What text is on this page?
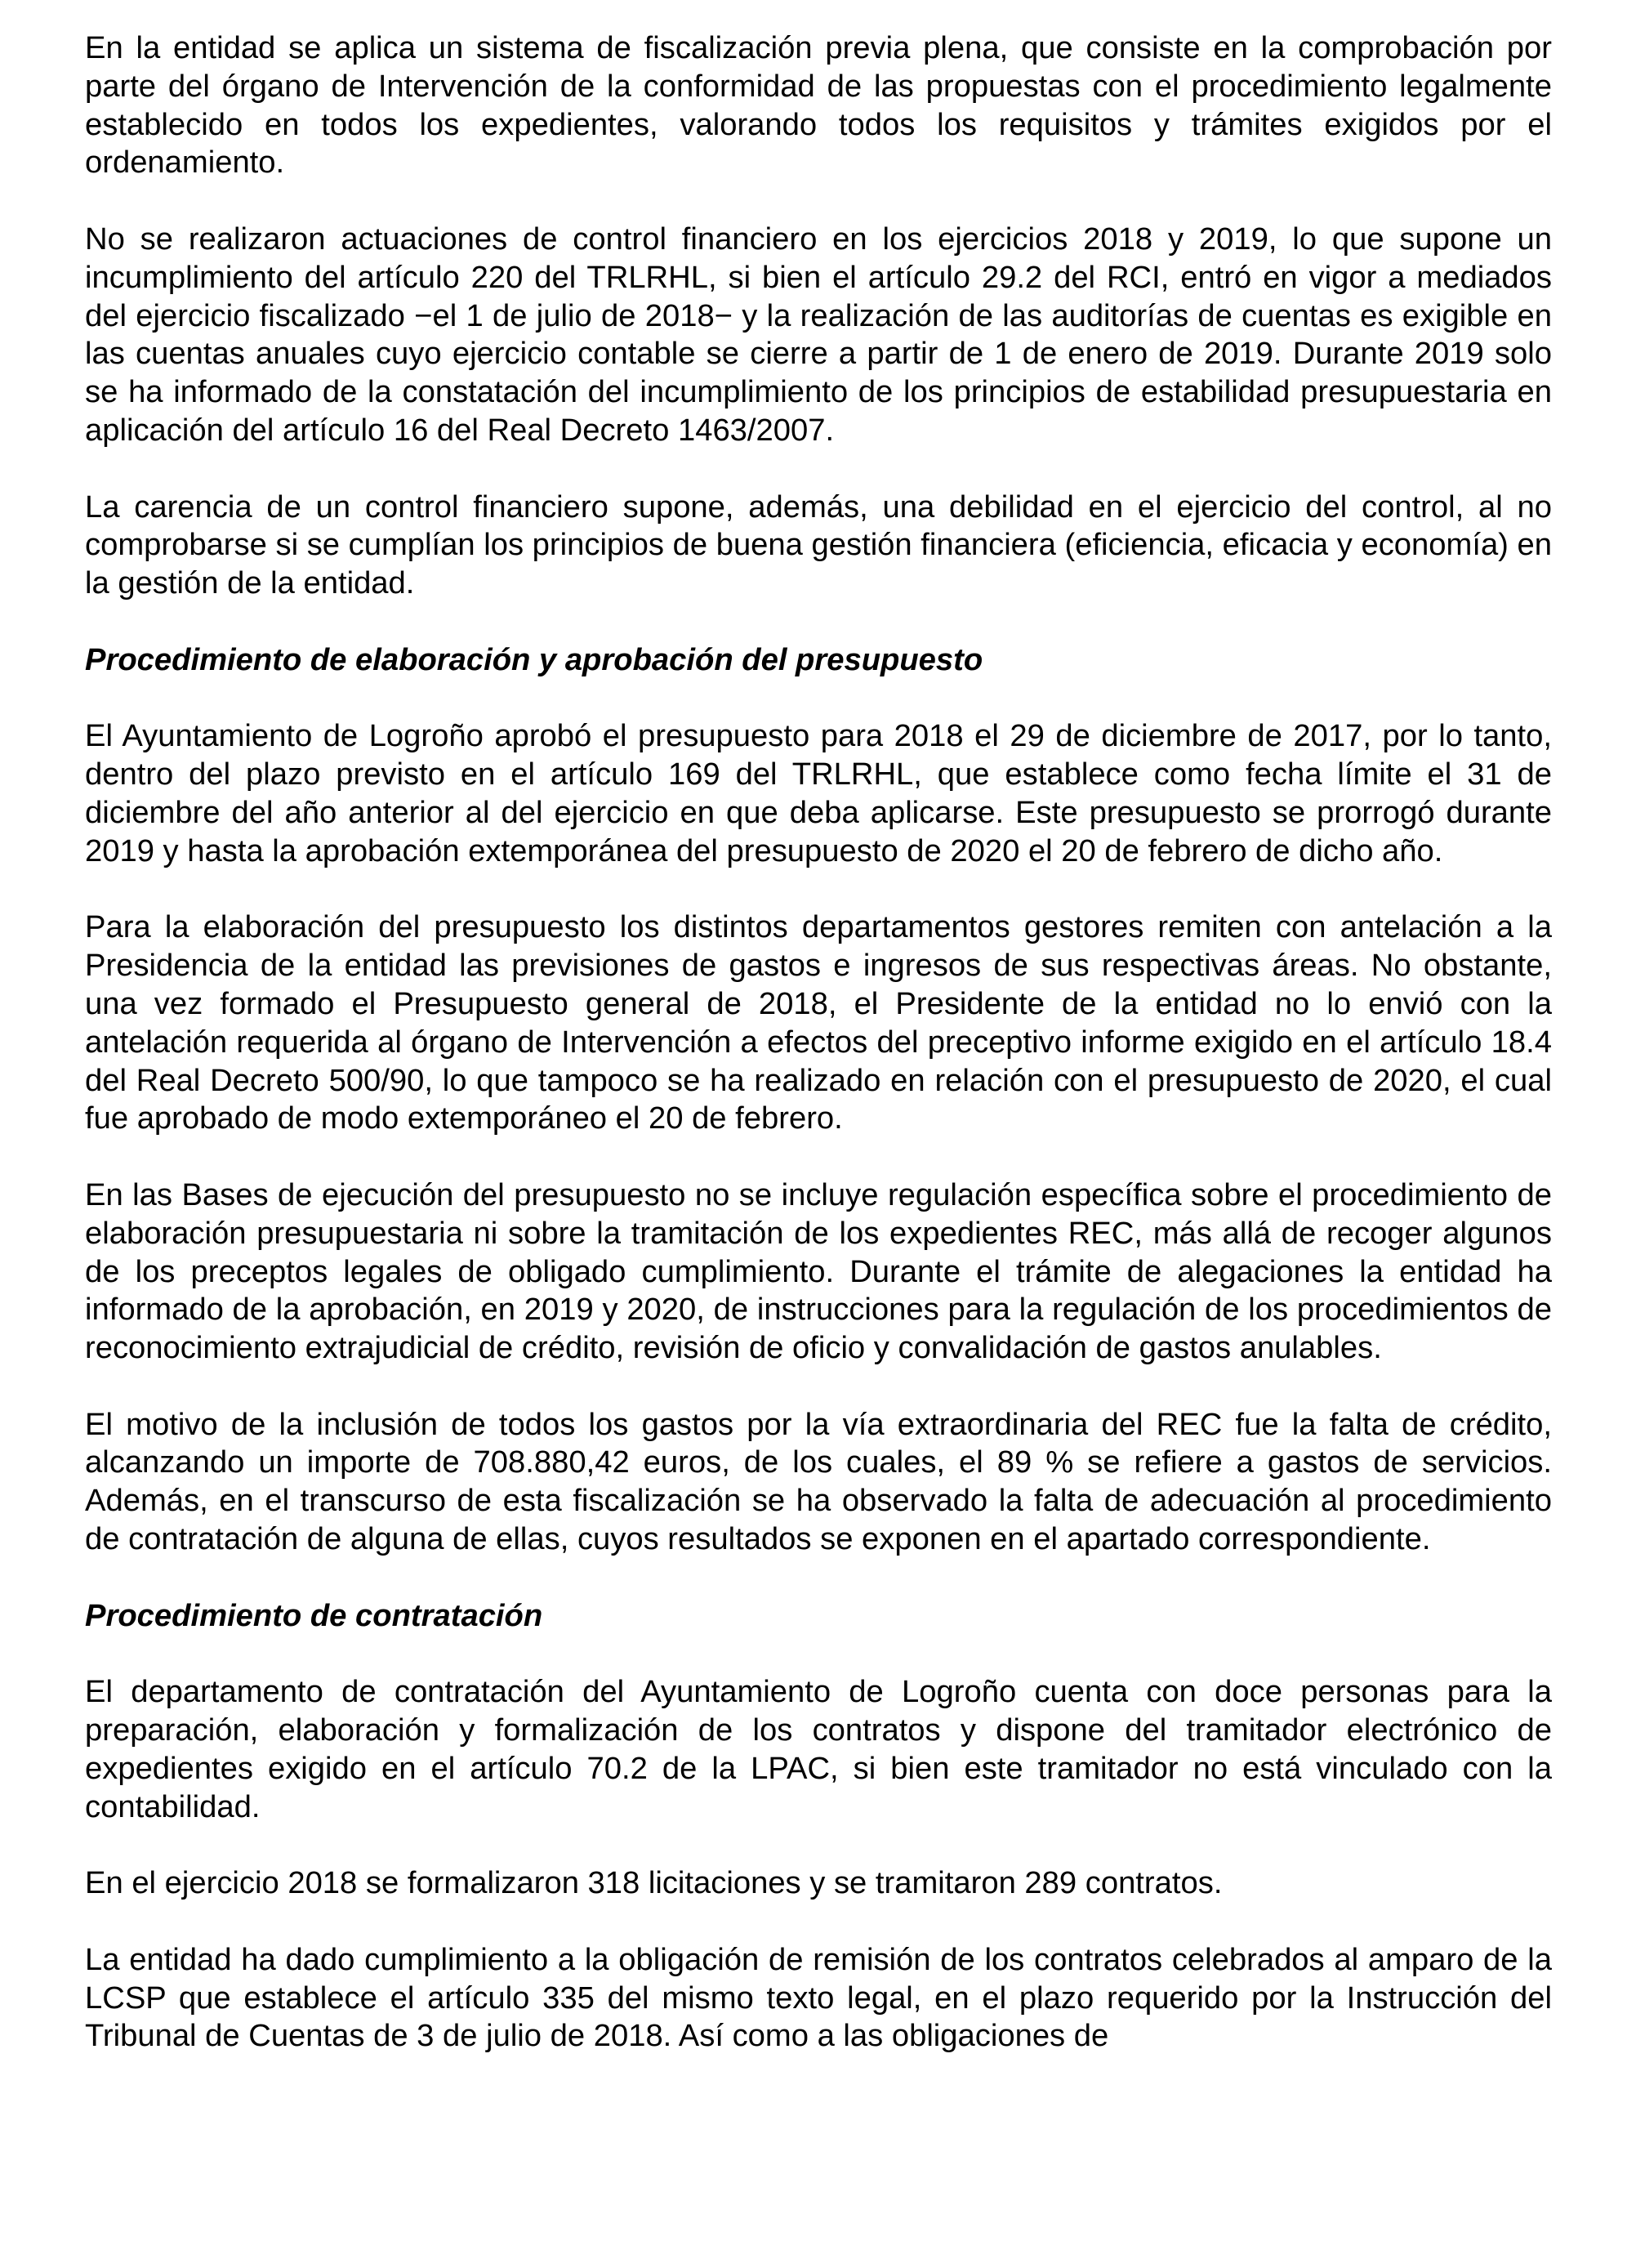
En la entidad se aplica un sistema de fiscalización previa plena, que consiste en la comprobación por parte del órgano de Intervención de la conformidad de las propuestas con el procedimiento legalmente establecido en todos los expedientes, valorando todos los requisitos y trámites exigidos por el ordenamiento.

No se realizaron actuaciones de control financiero en los ejercicios 2018 y 2019, lo que supone un incumplimiento del artículo 220 del TRLRHL, si bien el artículo 29.2 del RCI, entró en vigor a mediados del ejercicio fiscalizado −el 1 de julio de 2018− y la realización de las auditorías de cuentas es exigible en las cuentas anuales cuyo ejercicio contable se cierre a partir de 1 de enero de 2019. Durante 2019 solo se ha informado de la constatación del incumplimiento de los principios de estabilidad presupuestaria en aplicación del artículo 16 del Real Decreto 1463/2007.

La carencia de un control financiero supone, además, una debilidad en el ejercicio del control, al no comprobarse si se cumplían los principios de buena gestión financiera (eficiencia, eficacia y economía) en la gestión de la entidad.

Procedimiento de elaboración y aprobación del presupuesto

El Ayuntamiento de Logroño aprobó el presupuesto para 2018 el 29 de diciembre de 2017, por lo tanto, dentro del plazo previsto en el artículo 169 del TRLRHL, que establece como fecha límite el 31 de diciembre del año anterior al del ejercicio en que deba aplicarse. Este presupuesto se prorrogó durante 2019 y hasta la aprobación extemporánea del presupuesto de 2020 el 20 de febrero de dicho año.

Para la elaboración del presupuesto los distintos departamentos gestores remiten con antelación a la Presidencia de la entidad las previsiones de gastos e ingresos de sus respectivas áreas. No obstante, una vez formado el Presupuesto general de 2018, el Presidente de la entidad no lo envió con la antelación requerida al órgano de Intervención a efectos del preceptivo informe exigido en el artículo 18.4 del Real Decreto 500/90, lo que tampoco se ha realizado en relación con el presupuesto de 2020, el cual fue aprobado de modo extemporáneo el 20 de febrero.

En las Bases de ejecución del presupuesto no se incluye regulación específica sobre el procedimiento de elaboración presupuestaria ni sobre la tramitación de los expedientes REC, más allá de recoger algunos de los preceptos legales de obligado cumplimiento. Durante el trámite de alegaciones la entidad ha informado de la aprobación, en 2019 y 2020, de instrucciones para la regulación de los procedimientos de reconocimiento extrajudicial de crédito, revisión de oficio y convalidación de gastos anulables.

El motivo de la inclusión de todos los gastos por la vía extraordinaria del REC fue la falta de crédito, alcanzando un importe de 708.880,42 euros, de los cuales, el 89 % se refiere a gastos de servicios. Además, en el transcurso de esta fiscalización se ha observado la falta de adecuación al procedimiento de contratación de alguna de ellas, cuyos resultados se exponen en el apartado correspondiente.

Procedimiento de contratación

El departamento de contratación del Ayuntamiento de Logroño cuenta con doce personas para la preparación, elaboración y formalización de los contratos y dispone del tramitador electrónico de expedientes exigido en el artículo 70.2 de la LPAC, si bien este tramitador no está vinculado con la contabilidad.

En el ejercicio 2018 se formalizaron 318 licitaciones y se tramitaron 289 contratos.

La entidad ha dado cumplimiento a la obligación de remisión de los contratos celebrados al amparo de la LCSP que establece el artículo 335 del mismo texto legal, en el plazo requerido por la Instrucción del Tribunal de Cuentas de 3 de julio de 2018. Así como a las obligaciones de
